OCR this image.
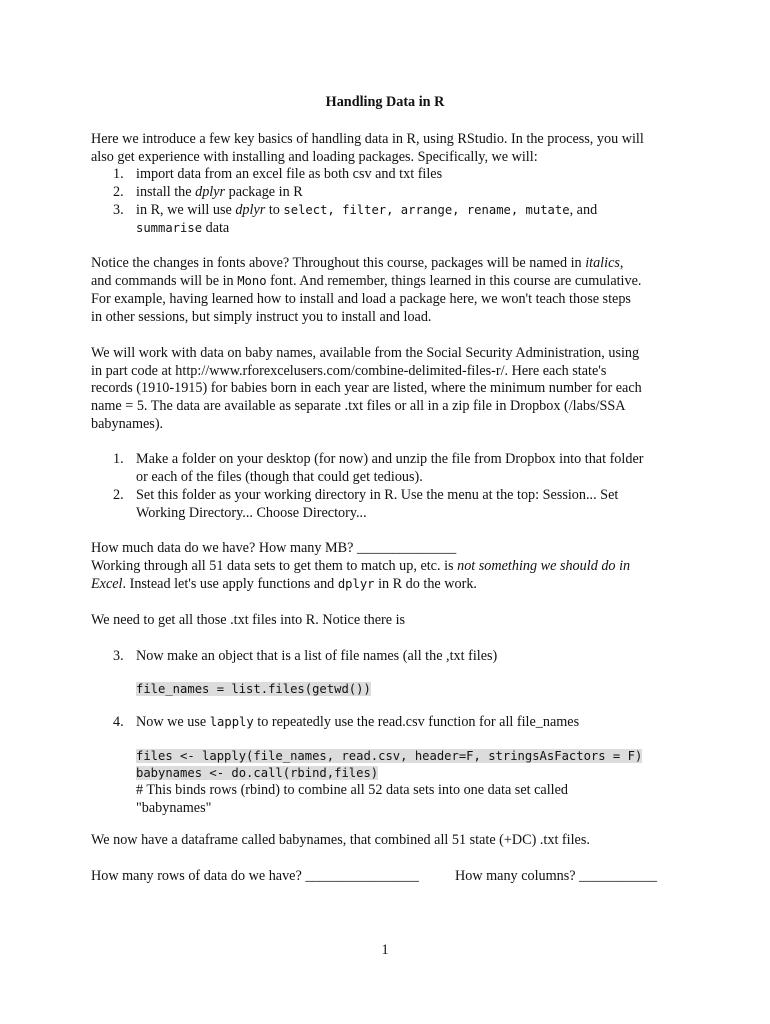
Handling Data in R
Here we introduce a few key basics of handling data in R, using RStudio. In the process, you will
also get experience with installing and loading packages. Specifically, we will:
1. import data from an excel file as both csv and txt files
2. install the dplyr package in R
3. in R, we will use dplyr to select, filter, arrange, rename, mutate, and
summarise data
Notice the changes in fonts above? Throughout this course, packages will be named in italics,
and commands will be in Mono font. And remember, things learned in this course are cumulative.
For example, having learned how to install and load a package here, we won't teach those steps
in other sessions, but simply instruct you to install and load.
We will work with data on baby names, available from the Social Security Administration, using
in part code at http://www.rforexcelusers.com/combine-delimited-files-r/. Here each state's
records (1910-1915) for babies born in each year are listed, where the minimum number for each
name = 5. The data are available as separate .txt files or all in a zip file in Dropbox (/labs/SSA
babynames).
1. Make a folder on your desktop (for now) and unzip the file from Dropbox into that folder
or each of the files (though that could get tedious).
2. Set this folder as your working directory in R. Use the menu at the top: Session... Set
Working Directory... Choose Directory...
How much data do we have? How many MB? ______________
Working through all 51 data sets to get them to match up, etc. is not something we should do in
Excel. Instead let's use apply functions and dplyr in R do the work.
We need to get all those .txt files into R. Notice there is
3. Now make an object that is a list of file names (all the ,txt files)
file_names = list.files(getwd())
4. Now we use lapply to repeatedly use the read.csv function for all file_names
files <- lapply(file_names, read.csv, header=F, stringsAsFactors = F)
babynames <- do.call(rbind,files)
# This binds rows (rbind) to combine all 52 data sets into one data set called
"babynames"
We now have a dataframe called babynames, that combined all 51 state (+DC) .txt files.
How many rows of data do we have? ________________	How many columns? ___________
1
